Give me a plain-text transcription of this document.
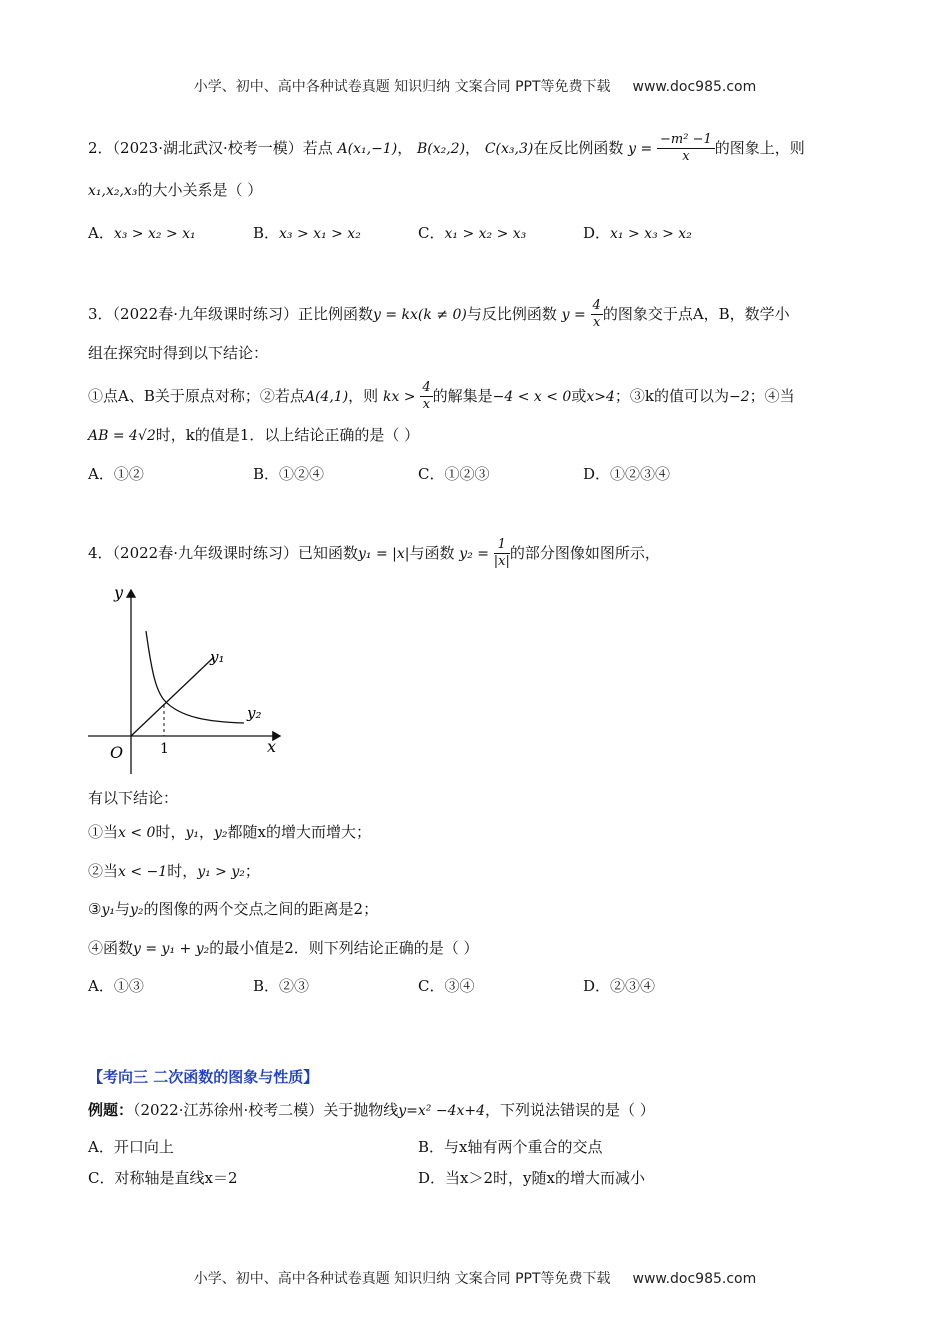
小学、初中、高中各种试卷真题 知识归纳 文案合同 PPT等免费下载 www.doc985.com
2．（2023·湖北武汉·校考一模）若点 A(x₁,−1)， B(x₂,2)， C(x₃,3)在反比例函数 $y = \frac{\text{−m² −1}}{x}$ 的图象上，则
x₁,x₂,x₃的大小关系是（ ）
A．x₃ > x₂ > x₁	B．x₃ > x₁ > x₂	C．x₁ > x₂ > x₃	D．x₁ > x₃ > x₂
3．（2022春·九年级课时练习）正比例函数y = kx(k ≠ 0)与反比例函数 $y = \frac{4}{x}$ 的图象交于点A，B，数学小
组在探究时得到以下结论：
①点A、B关于原点对称；②若点A(4,1)，则 kx > $\frac{4}{x}$ 的解集是−4 < x < 0或x>4；③k的值可以为−2；④当
AB = 4√2时，k的值是1．以上结论正确的是（ ）
A．①②	B．①②④	C．①②③	D．①②③④
4．（2022春·九年级课时练习）已知函数y₁ = |x|与函数 $y_2 = \frac{1}{|x|}$ 的部分图像如图所示，
y
x
O	1
y₁
y₂
有以下结论：
①当x < 0时，y₁，y₂都随x的增大而增大；
②当x < −1时，y₁ > y₂；
③y₁与y₂的图像的两个交点之间的距离是2；
④函数y = y₁ + y₂的最小值是2．则下列结论正确的是（ ）
A．①③	B．②③	C．③④	D．②③④
【考向三 二次函数的图象与性质】
例题：（2022·江苏徐州·校考二模）关于抛物线y=x² −4x+4，下列说法错误的是（ ）
A．开口向上	B．与x轴有两个重合的交点
C．对称轴是直线x＝2	D．当x＞2时，y随x的增大而减小
小学、初中、高中各种试卷真题 知识归纳 文案合同 PPT等免费下载 www.doc985.com
